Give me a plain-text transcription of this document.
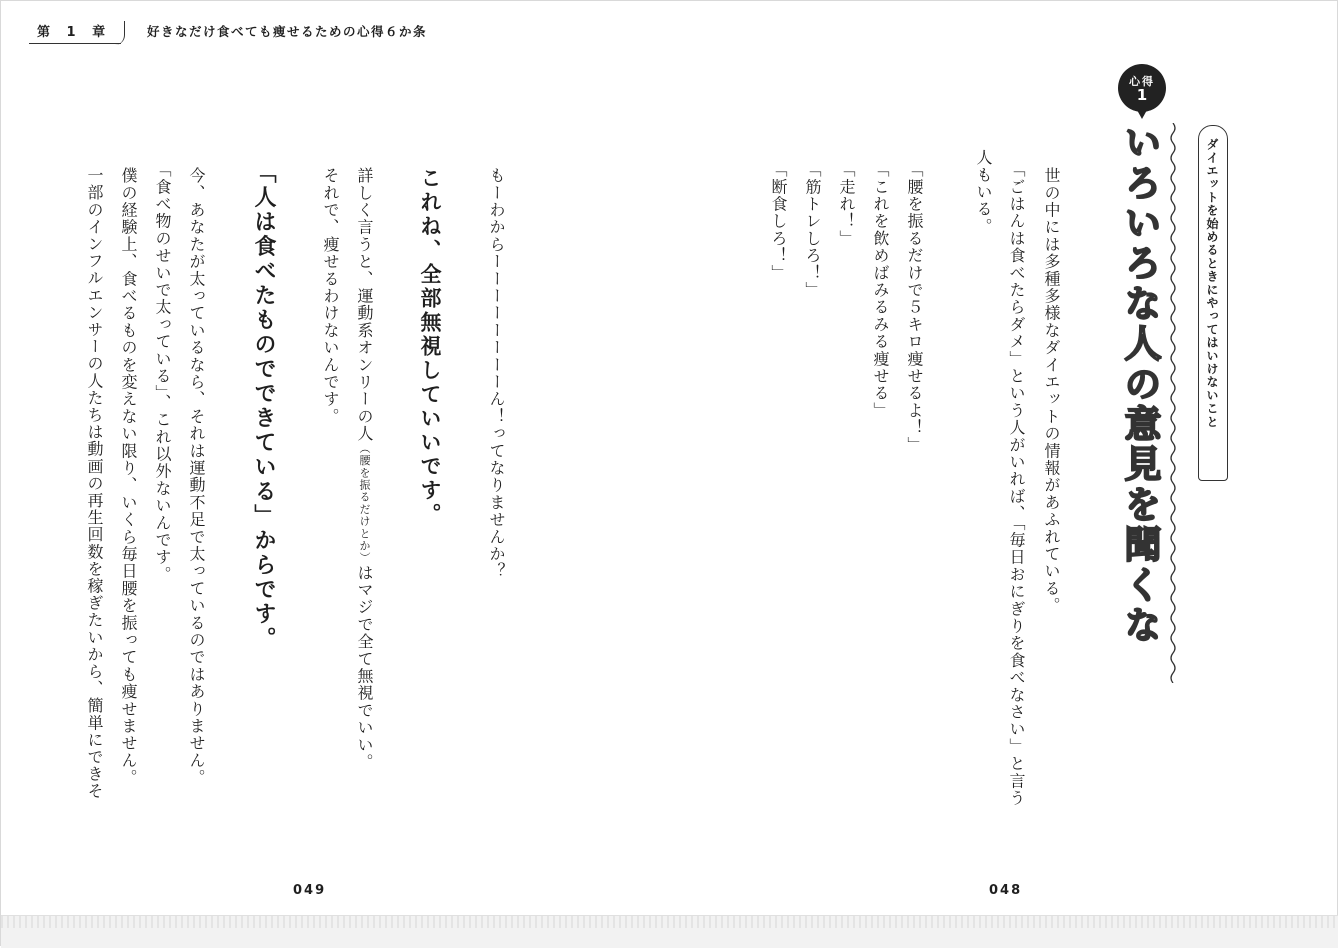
第 1 章	好きなだけ食べても痩せるための心得６か条
心得
1
いろいろな人の意見を聞くな	ダイエットを始めるときにやってはいけないこと
世の中には多種多様なダイエットの情報があふれている。
「ごはんは食べたらダメ」という人がいれば、「毎日おにぎりを食べなさい」と言う
人もいる。
「腰を振るだけで５キロ痩せるよ！」
「これを飲めばみるみる痩せる」
「走れ！」
「筋トレしろ！」
「断食しろ！」
048
もーわからーーーーーーーーん！ってなりませんか？
これね、全部無視していいです。
詳しく言うと、運動系オンリーの人（腰を振るだけとか）はマジで全て無視でいい。
それで、痩せるわけないんです。
「人は食べたものでできている」からです。
今、あなたが太っているなら、それは運動不足で太っているのではありません。
「食べ物のせいで太っている」、これ以外ないんです。
僕の経験上、食べるものを変えない限り、いくら毎日腰を振っても痩せません。
一部のインフルエンサーの人たちは動画の再生回数を稼ぎたいから、簡単にできそ
049
